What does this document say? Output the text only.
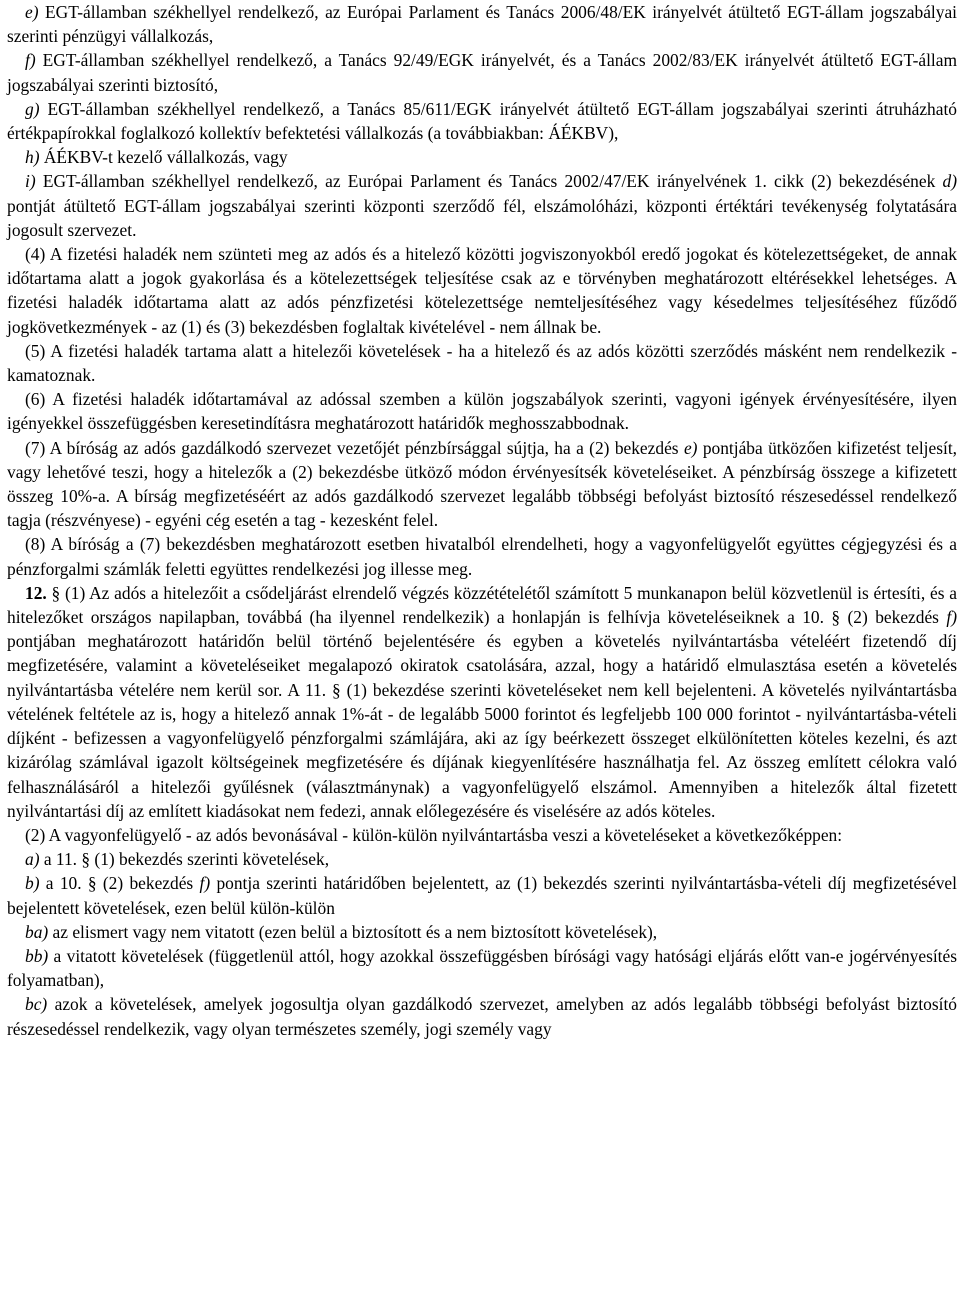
e) EGT-államban székhellyel rendelkező, az Európai Parlament és Tanács 2006/48/EK irányelvét átültető EGT-állam jogszabályai szerinti pénzügyi vállalkozás,

f) EGT-államban székhellyel rendelkező, a Tanács 92/49/EGK irányelvét, és a Tanács 2002/83/EK irányelvét átültető EGT-állam jogszabályai szerinti biztosító,

g) EGT-államban székhellyel rendelkező, a Tanács 85/611/EGK irányelvét átültető EGT-állam jogszabályai szerinti átruházható értékpapírokkal foglalkozó kollektív befektetési vállalkozás (a továbbiakban: ÁÉKBV),

h) ÁÉKBV-t kezelő vállalkozás, vagy

i) EGT-államban székhellyel rendelkező, az Európai Parlament és Tanács 2002/47/EK irányelvének 1. cikk (2) bekezdésének d) pontját átültető EGT-állam jogszabályai szerinti központi szerződő fél, elszámolóházi, központi értéktári tevékenység folytatására jogosult szervezet.

(4) A fizetési haladék nem szünteti meg az adós és a hitelező közötti jogviszonyokból eredő jogokat és kötelezettségeket, de annak időtartama alatt a jogok gyakorlása és a kötelezettségek teljesítése csak az e törvényben meghatározott eltérésekkel lehetséges. A fizetési haladék időtartama alatt az adós pénzfizetési kötelezettsége nemteljesítéséhez vagy késedelmes teljesítéséhez fűződő jogkövetkezmények - az (1) és (3) bekezdésben foglaltak kivételével - nem állnak be.

(5) A fizetési haladék tartama alatt a hitelezői követelések - ha a hitelező és az adós közötti szerződés másként nem rendelkezik - kamatoznak.

(6) A fizetési haladék időtartamával az adóssal szemben a külön jogszabályok szerinti, vagyoni igények érvényesítésére, ilyen igényekkel összefüggésben keresetindításra meghatározott határidők meghosszabbodnak.

(7) A bíróság az adós gazdálkodó szervezet vezetőjét pénzbírsággal sújtja, ha a (2) bekezdés e) pontjába ütközően kifizetést teljesít, vagy lehetővé teszi, hogy a hitelezők a (2) bekezdésbe ütköző módon érvényesítsék követeléseiket. A pénzbírság összege a kifizetett összeg 10%-a. A bírság megfizetéséért az adós gazdálkodó szervezet legalább többségi befolyást biztosító részesedéssel rendelkező tagja (részvényese) - egyéni cég esetén a tag - kezesként felel.

(8) A bíróság a (7) bekezdésben meghatározott esetben hivatalból elrendelheti, hogy a vagyonfelügyelőt együttes cégjegyzési és a pénzforgalmi számlák feletti együttes rendelkezési jog illesse meg.

12. § (1) Az adós a hitelezőit a csődeljárást elrendelő végzés közzétételétől számított 5 munkanapon belül közvetlenül is értesíti, és a hitelezőket országos napilapban, továbbá (ha ilyennel rendelkezik) a honlapján is felhívja követeléseiknek a 10. § (2) bekezdés f) pontjában meghatározott határidőn belül történő bejelentésére és egyben a követelés nyilvántartásba vételéért fizetendő díj megfizetésére, valamint a követeléseiket megalapozó okiratok csatolására, azzal, hogy a határidő elmulasztása esetén a követelés nyilvántartásba vételére nem kerül sor. A 11. § (1) bekezdése szerinti követeléseket nem kell bejelenteni. A követelés nyilvántartásba vételének feltétele az is, hogy a hitelező annak 1%-át - de legalább 5000 forintot és legfeljebb 100 000 forintot - nyilvántartásba-vételi díjként - befizessen a vagyonfelügyelő pénzforgalmi számlájára, aki az így beérkezett összeget elkülönítetten köteles kezelni, és azt kizárólag számlával igazolt költségeinek megfizetésére és díjának kiegyenlítésére használhatja fel. Az összeg említett célokra való felhasználásáról a hitelezői gyűlésnek (választmánynak) a vagyonfelügyelő elszámol. Amennyiben a hitelezők által fizetett nyilvántartási díj az említett kiadásokat nem fedezi, annak előlegezésére és viselésére az adós köteles.

(2) A vagyonfelügyelő - az adós bevonásával - külön-külön nyilvántartásba veszi a követeléseket a következőképpen:

a) a 11. § (1) bekezdés szerinti követelések,

b) a 10. § (2) bekezdés f) pontja szerinti határidőben bejelentett, az (1) bekezdés szerinti nyilvántartásba-vételi díj megfizetésével bejelentett követelések, ezen belül külön-külön

ba) az elismert vagy nem vitatott (ezen belül a biztosított és a nem biztosított követelések),

bb) a vitatott követelések (függetlenül attól, hogy azokkal összefüggésben bírósági vagy hatósági eljárás előtt van-e jogérvényesítés folyamatban),

bc) azok a követelések, amelyek jogosultja olyan gazdálkodó szervezet, amelyben az adós legalább többségi befolyást biztosító részesedéssel rendelkezik, vagy olyan természetes személy, jogi személy vagy
